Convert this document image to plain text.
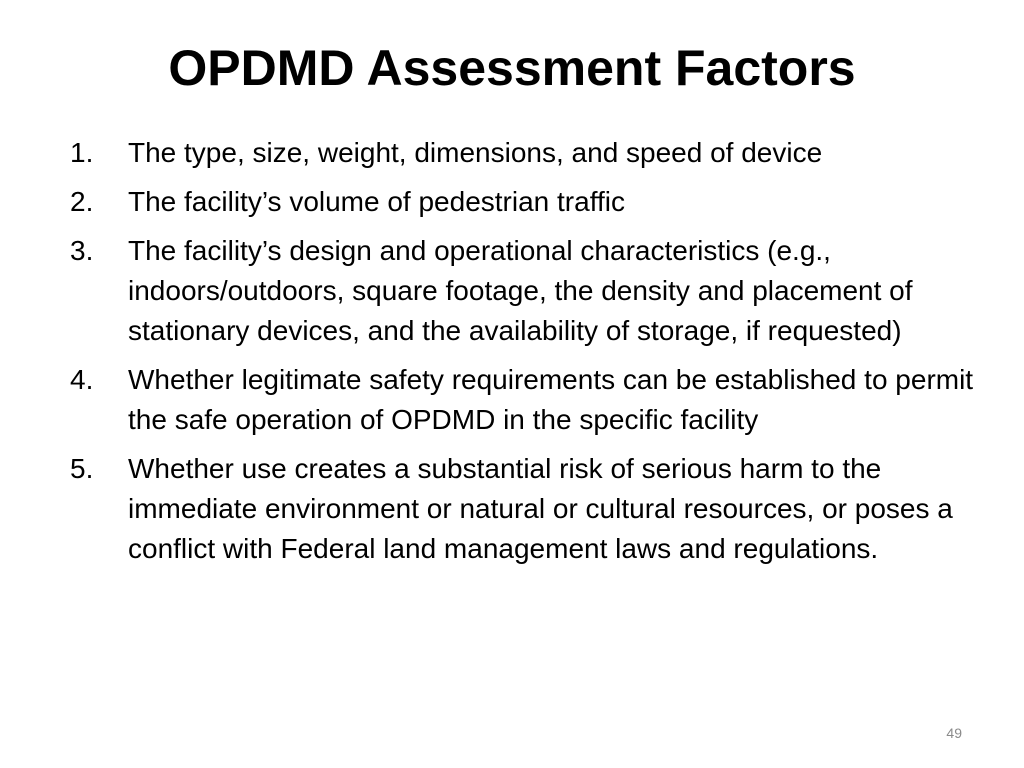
OPDMD Assessment Factors
1.	The type, size, weight, dimensions, and speed of device
2.	The facility’s volume of pedestrian traffic
3.	The facility’s design and operational characteristics (e.g., indoors/outdoors, square footage, the density and placement of stationary devices, and the availability of storage, if requested)
4.	Whether legitimate safety requirements can be established to permit the safe operation of OPDMD in the specific facility
5.	Whether use creates a substantial risk of serious harm to the immediate environment or natural or cultural resources, or poses a conflict with Federal land management laws and regulations.
49
